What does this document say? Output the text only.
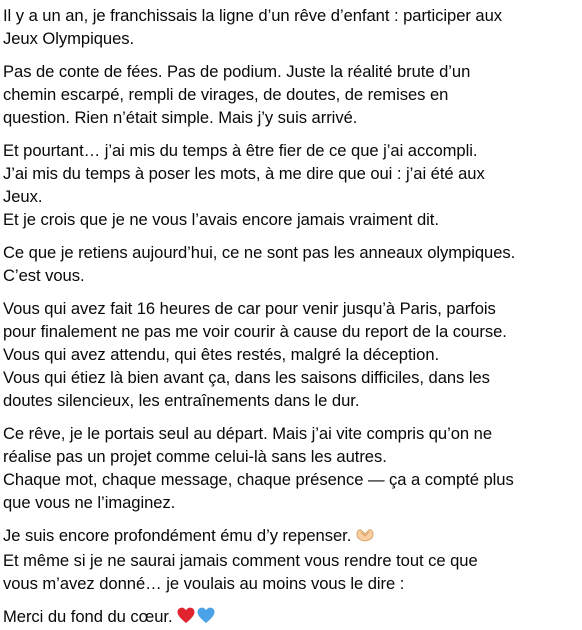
Il y a un an, je franchissais la ligne d’un rêve d’enfant : participer aux
Jeux Olympiques.

Pas de conte de fées. Pas de podium. Juste la réalité brute d’un
chemin escarpé, rempli de virages, de doutes, de remises en
question. Rien n’était simple. Mais j’y suis arrivé.

Et pourtant… j’ai mis du temps à être fier de ce que j’ai accompli.
J’ai mis du temps à poser les mots, à me dire que oui : j’ai été aux
Jeux.
Et je crois que je ne vous l’avais encore jamais vraiment dit.

Ce que je retiens aujourd’hui, ce ne sont pas les anneaux olympiques.
C’est vous.

Vous qui avez fait 16 heures de car pour venir jusqu’à Paris, parfois
pour finalement ne pas me voir courir à cause du report de la course.
Vous qui avez attendu, qui êtes restés, malgré la déception.
Vous qui étiez là bien avant ça, dans les saisons difficiles, dans les
doutes silencieux, les entraînements dans le dur.

Ce rêve, je le portais seul au départ. Mais j’ai vite compris qu’on ne
réalise pas un projet comme celui-là sans les autres.
Chaque mot, chaque message, chaque présence — ça a compté plus
que vous ne l’imaginez.

Je suis encore profondément ému d’y repenser.
Et même si je ne saurai jamais comment vous rendre tout ce que
vous m’avez donné… je voulais au moins vous le dire :

Merci du fond du cœur.
